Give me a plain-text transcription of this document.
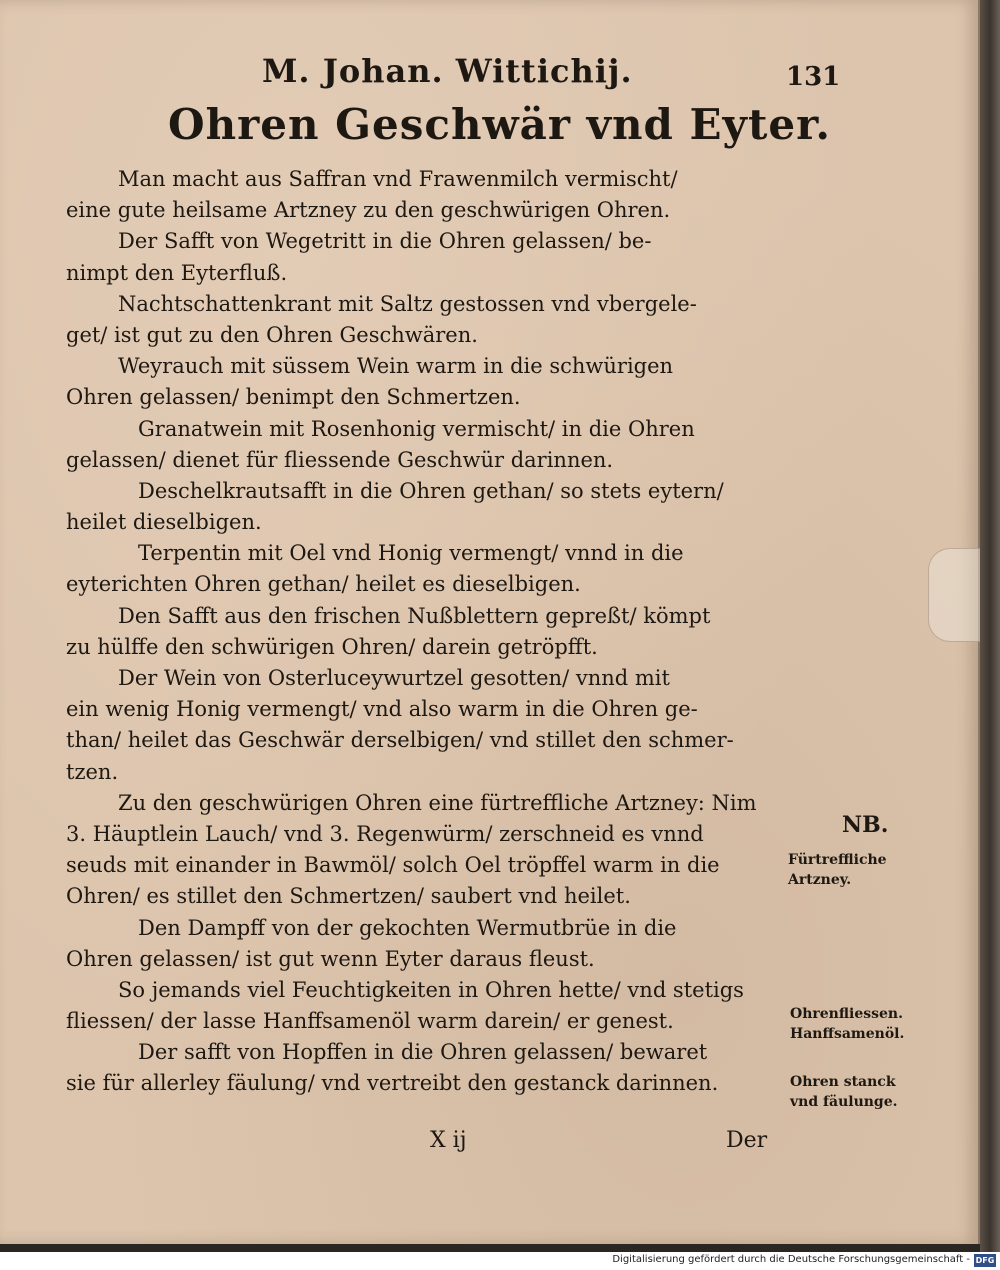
M. Johan. Wittichij.	131
Ohren Geschwär vnd Eyter.
Man macht aus Saffran vnd Frawenmilch vermischt/
eine gute heilsame Artzney zu den geschwürigen Ohren.
Der Safft von Wegetritt in die Ohren gelassen/ be-
nimpt den Eyterfluß.
Nachtschattenkrant mit Saltz gestossen vnd vbergele-
get/ ist gut zu den Ohren Geschwären.
Weyrauch mit süssem Wein warm in die schwürigen
Ohren gelassen/ benimpt den Schmertzen.
Granatwein mit Rosenhonig vermischt/ in die Ohren
gelassen/ dienet für fliessende Geschwür darinnen.
Deschelkrautsafft in die Ohren gethan/ so stets eytern/
heilet dieselbigen.
Terpentin mit Oel vnd Honig vermengt/ vnnd in die
eyterichten Ohren gethan/ heilet es dieselbigen.
Den Safft aus den frischen Nußblettern gepreßt/ kömpt
zu hülffe den schwürigen Ohren/ darein getröpfft.
Der Wein von Osterluceywurtzel gesotten/ vnnd mit
ein wenig Honig vermengt/ vnd also warm in die Ohren ge-
than/ heilet das Geschwär derselbigen/ vnd stillet den schmer-
tzen.
Zu den geschwürigen Ohren eine fürtreffliche Artzney: Nim
3. Häuptlein Lauch/ vnd 3. Regenwürm/ zerschneid es vnnd
seuds mit einander in Bawmöl/ solch Oel tröpffel warm in die
Ohren/ es stillet den Schmertzen/ saubert vnd heilet.
Den Dampff von der gekochten Wermutbrüe in die
Ohren gelassen/ ist gut wenn Eyter daraus fleust.
So jemands viel Feuchtigkeiten in Ohren hette/ vnd stetigs
fliessen/ der lasse Hanffsamenöl warm darein/ er genest.
Der safft von Hopffen in die Ohren gelassen/ bewaret
sie für allerley fäulung/ vnd vertreibt den gestanck darinnen.
X ij	Der
NB.
Fürtreffliche
Artzney.
Ohrenfliessen.
Hanffsamenöl.
Ohren stanck
vnd fäulunge.
Digitalisierung gefördert durch die Deutsche Forschungsgemeinschaft - DFG
